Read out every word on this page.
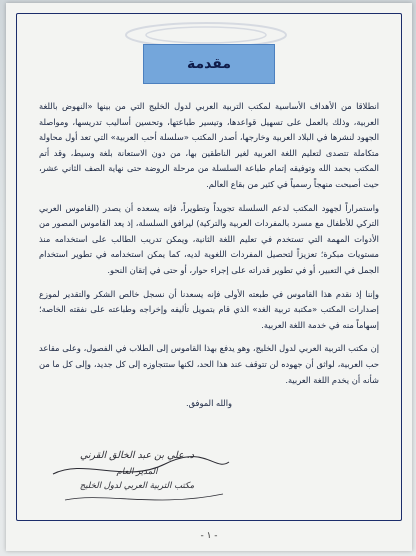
مقدمة

انطلاقا من الأهداف الأساسية لمكتب التربية العربي لدول الخليج التي من بينها «النهوض باللغة العربية، وذلك بالعمل على تسهيل قواعدها، وتيسير طباعتها، وتحسين أساليب تدريسها، ومواصلة الجهود لنشرها في البلاد العربية وخارجها، أصدر المكتب «سلسلة أحب العربية» التي تعد أول محاولة متكاملة تتصدى لتعليم اللغة العربية لغير الناطقين بها، من دون الاستعانة بلغة وسيط، وقد أتم المكتب بحمد الله وتوفيقه إتمام طباعة السلسلة من مرحلة الروضة حتى نهاية الصف الثاني عشر، حيث أصبحت منهجاً رسمياً في كثير من بقاع العالم.

واستمراراً لجهود المكتب لدعم السلسلة تجويداً وتطويراً، فإنه يسعده أن يصدر (القاموس العربي التركي للأطفال مع مسرد بالمفردات العربية والتركية) ليرافق السلسلة، إذ يعد القاموس المصور من الأدوات المهمة التي تستخدم في تعليم اللغة الثانية، ويمكن تدريب الطالب على استخدامه منذ مستويات مبكرة؛ تعزيزاً لتحصيل المفردات اللغوية لديه، كما يمكن استخدامه في تطوير استخدام الجمل في التعبير، أو في تطوير قدراته على إجراء حوار، أو حتى في إتقان النحو.

وإننا إذ نقدم هذا القاموس في طبعته الأولى فإنه يسعدنا أن نسجل خالص الشكر والتقدير لموزع إصدارات المكتب «مكتبة تربية الغد» الذي قام بتمويل تأليفه وإخراجه وطباعته على نفقته الخاصة؛ إسهاماً منه في خدمة اللغة العربية.

إن مكتب التربية العربي لدول الخليج، وهو يدفع بهذا القاموس إلى الطلاب في الفصول، وعلى مقاعد حب العربية، لواثق أن جهوده لن تتوقف عند هذا الحد، لكنها ستتجاوزه إلى كل جديد، وإلى كل ما من شأنه أن يخدم اللغة العربية.

والله الموفق.

د. علي بن عبد الخالق القرني
المدير العام
مكتب التربية العربي لدول الخليج
- ١ -
